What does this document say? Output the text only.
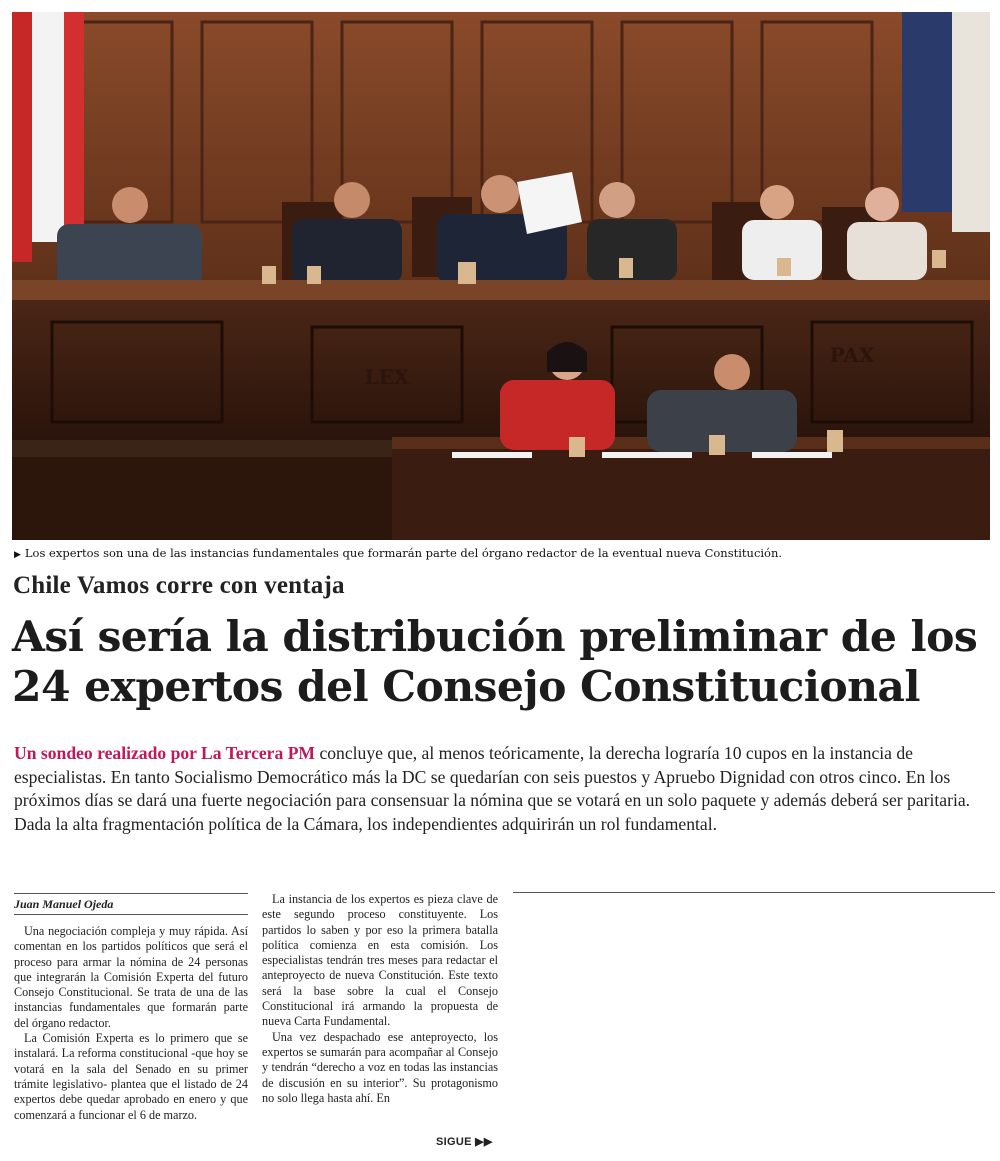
LEX
PAX
▶ Los expertos son una de las instancias fundamentales que formarán parte del órgano redactor de la eventual nueva Constitución.
Chile Vamos corre con ventaja
Así sería la distribución preliminar de los 24 expertos del Consejo Constitucional

Un sondeo realizado por La Tercera PM concluye que, al menos teóricamente, la derecha lograría 10 cupos en la instancia de especialistas. En tanto Socialismo Democrático más la DC se quedarían con seis puestos y Apruebo Dignidad con otros cinco. En los próximos días se dará una fuerte negociación para consensuar la nómina que se votará en un solo paquete y además deberá ser paritaria. Dada la alta fragmentación política de la Cámara, los independientes adquirirán un rol fundamental.

Juan Manuel Ojeda

Una negociación compleja y muy rápida. Así comentan en los partidos políticos que será el proceso para armar la nómina de 24 personas que integrarán la Comisión Experta del futuro Consejo Constitucional. Se trata de una de las instancias fundamentales que formarán parte del órgano redactor.

La Comisión Experta es lo primero que se instalará. La reforma constitucional -que hoy se votará en la sala del Senado en su primer trámite legislativo- plantea que el listado de 24 expertos debe quedar aprobado en enero y que comenzará a funcionar el 6 de marzo.

La instancia de los expertos es pieza clave de este segundo proceso constituyente. Los partidos lo saben y por eso la primera batalla política comienza en esta comisión. Los especialistas tendrán tres meses para redactar el anteproyecto de nueva Constitución. Este texto será la base sobre la cual el Consejo Constitucional irá armando la propuesta de nueva Carta Fundamental.

Una vez despachado ese anteproyecto, los expertos se sumarán para acompañar al Consejo y tendrán “derecho a voz en todas las instancias de discusión en su interior”. Su protagonismo no solo llega hasta ahí. En

SIGUE ▶▶
